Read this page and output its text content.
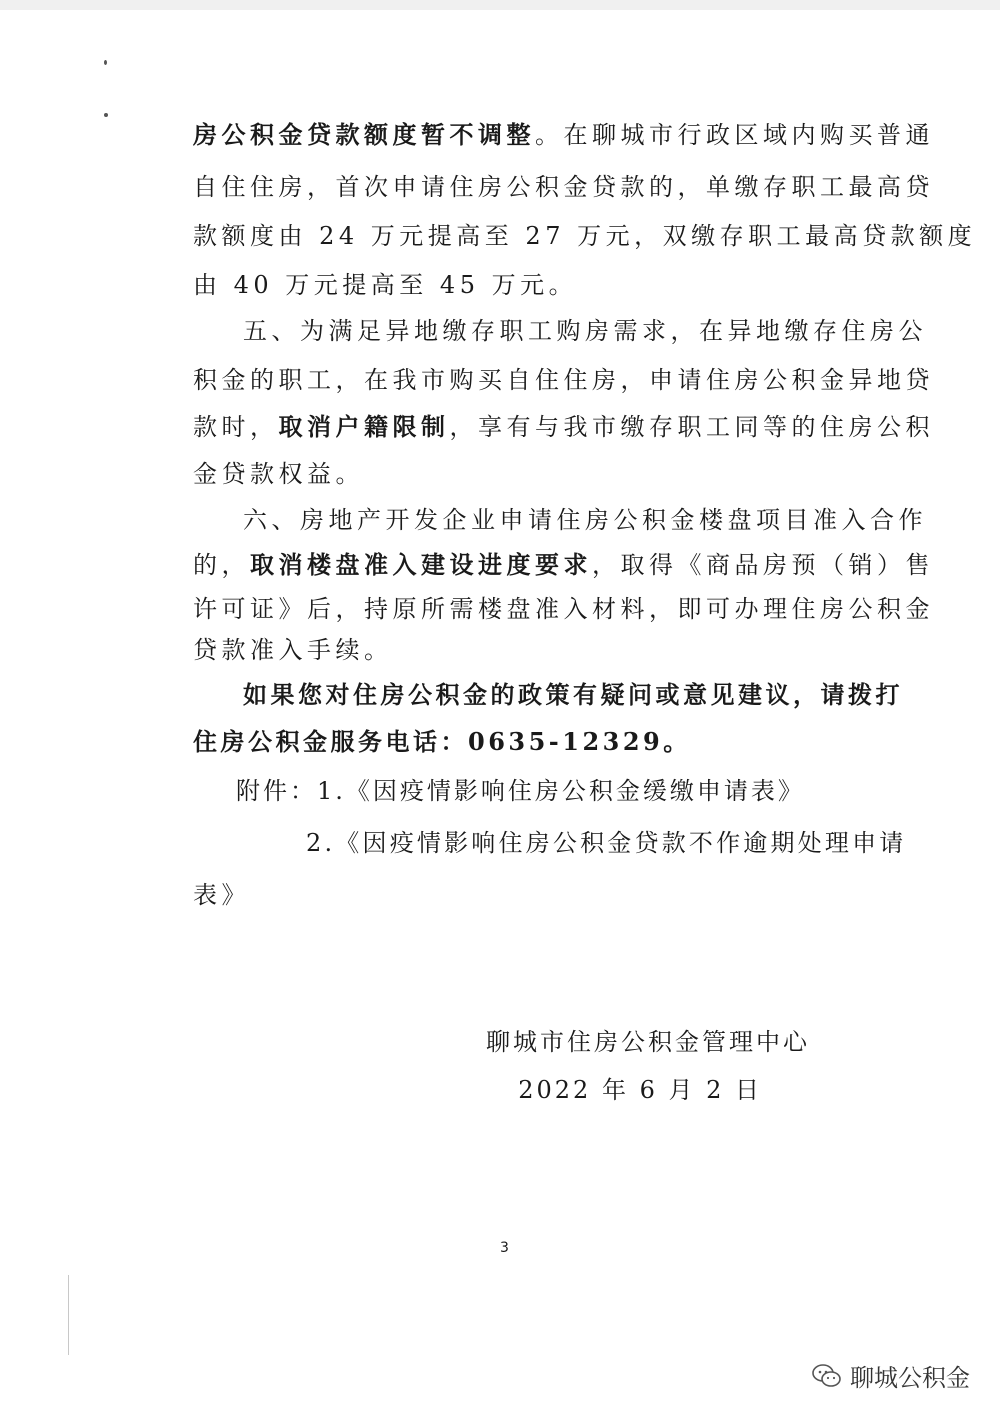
房公积金贷款额度暂不调整。在聊城市行政区域内购买普通
自住住房，首次申请住房公积金贷款的，单缴存职工最高贷
款额度由 24 万元提高至 27 万元，双缴存职工最高贷款额度
由 40 万元提高至 45 万元。
五、为满足异地缴存职工购房需求，在异地缴存住房公
积金的职工，在我市购买自住住房，申请住房公积金异地贷
款时，取消户籍限制，享有与我市缴存职工同等的住房公积
金贷款权益。
六、房地产开发企业申请住房公积金楼盘项目准入合作
的，取消楼盘准入建设进度要求，取得《商品房预（销）售
许可证》后，持原所需楼盘准入材料，即可办理住房公积金
贷款准入手续。
如果您对住房公积金的政策有疑问或意见建议，请拨打
住房公积金服务电话：0635-12329。
附件：1.《因疫情影响住房公积金缓缴申请表》
2.《因疫情影响住房公积金贷款不作逾期处理申请
表》
聊城市住房公积金管理中心
2022 年 6 月 2 日
3
聊城公积金
